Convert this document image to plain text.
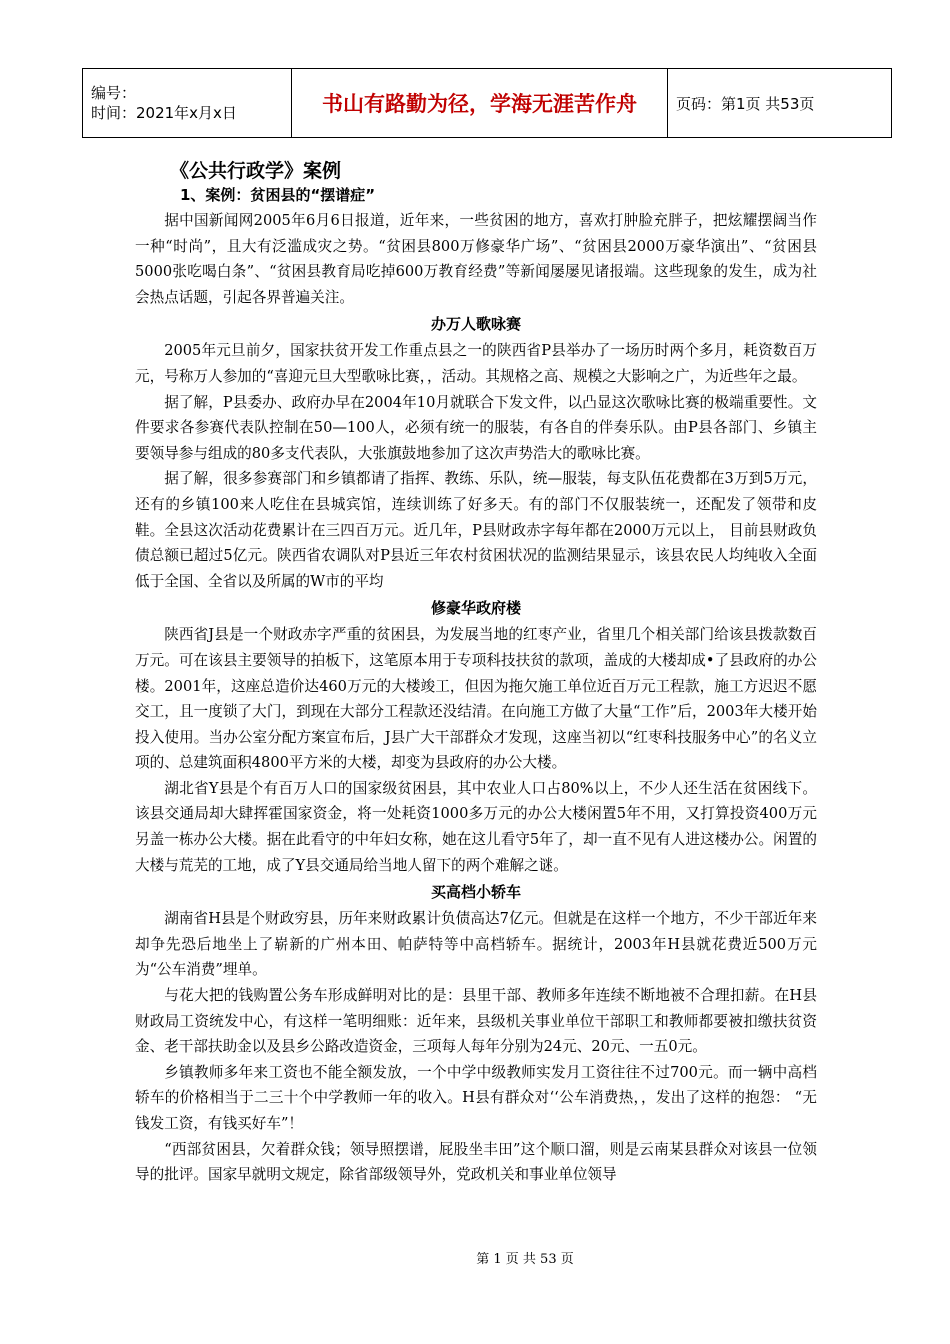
编号：
时间：2021年x月x日	书山有路勤为径，学海无涯苦作舟	页码：第1页 共53页
《公共行政学》案例
1、案例：贫困县的“摆谱症”

据中国新闻网2005年6月6日报道，近年来，一些贫困的地方，喜欢打肿脸充胖子，把炫耀摆阔当作一种“时尚”，且大有泛滥成灾之势。“贫困县800万修豪华广场”、“贫困县2000万豪华演出”、“贫困县5000张吃喝白条”、“贫困县教育局吃掉600万教育经费”等新闻屡屡见诸报端。这些现象的发生，成为社会热点话题，引起各界普遍关注。

办万人歌咏赛

2005年元旦前夕，国家扶贫开发工作重点县之一的陕西省P县举办了一场历时两个多月，耗资数百万元，号称万人参加的“喜迎元旦大型歌咏比赛，，活动。其规格之高、规模之大影响之广，为近些年之最。

据了解，P县委办、政府办早在2004年10月就联合下发文件，以凸显这次歌咏比赛的极端重要性。文件要求各参赛代表队控制在50—100人，必须有统一的服装，有各自的伴奏乐队。由P县各部门、乡镇主要领导参与组成的80多支代表队，大张旗鼓地参加了这次声势浩大的歌咏比赛。

据了解，很多参赛部门和乡镇都请了指挥、教练、乐队，统—服装，每支队伍花费都在3万到5万元，还有的乡镇100来人吃住在县城宾馆，连续训练了好多天。有的部门不仅服装统一，还配发了领带和皮鞋。全县这次活动花费累计在三四百万元。近几年，P县财政赤字每年都在2000万元以上， 目前县财政负债总额已超过5亿元。陕西省农调队对P县近三年农村贫困状况的监测结果显示，该县农民人均纯收入全面低于全国、全省以及所属的W市的平均

修豪华政府楼

陕西省J县是一个财政赤字严重的贫困县，为发展当地的红枣产业，省里几个相关部门给该县拨款数百万元。可在该县主要领导的拍板下，这笔原本用于专项科技扶贫的款项，盖成的大楼却成•了县政府的办公楼。2001年，这座总造价达460万元的大楼竣工，但因为拖欠施工单位近百万元工程款，施工方迟迟不愿交工，且一度锁了大门，到现在大部分工程款还没结清。在向施工方做了大量“工作”后，2003年大楼开始投入使用。当办公室分配方案宣布后，J县广大干部群众才发现，这座当初以“红枣科技服务中心”的名义立项的、总建筑面积4800平方米的大楼，却变为县政府的办公大楼。

湖北省Y县是个有百万人口的国家级贫困县，其中农业人口占80%以上，不少人还生活在贫困线下。该县交通局却大肆挥霍国家资金，将一处耗资1000多万元的办公大楼闲置5年不用，又打算投资400万元另盖一栋办公大楼。据在此看守的中年妇女称，她在这儿看守5年了，却一直不见有人进这楼办公。闲置的大楼与荒芜的工地，成了Y县交通局给当地人留下的两个难解之谜。

买高档小轿车

湖南省H县是个财政穷县，历年来财政累计负债高达7亿元。但就是在这样一个地方，不少干部近年来却争先恐后地坐上了崭新的广州本田、帕萨特等中高档轿车。据统计，2003年H县就花费近500万元为“公车消费”埋单。

与花大把的钱购置公务车形成鲜明对比的是：县里干部、教师多年连续不断地被不合理扣薪。在H县财政局工资统发中心，有这样一笔明细账：近年来，县级机关事业单位干部职工和教师都要被扣缴扶贫资金、老干部扶助金以及县乡公路改造资金，三项每人每年分别为24元、20元、一五0元。

乡镇教师多年来工资也不能全额发放，一个中学中级教师实发月工资往往不过700元。而一辆中高档轿车的价格相当于二三十个中学教师一年的收入。H县有群众对‘‘公车消费热，，发出了这样的抱怨： “无钱发工资，有钱买好车”！

“西部贫困县，欠着群众钱；领导照摆谱，屁股坐丰田”这个顺口溜，则是云南某县群众对该县一位领导的批评。国家早就明文规定，除省部级领导外，党政机关和事业单位领导

第 1 页 共 53 页
